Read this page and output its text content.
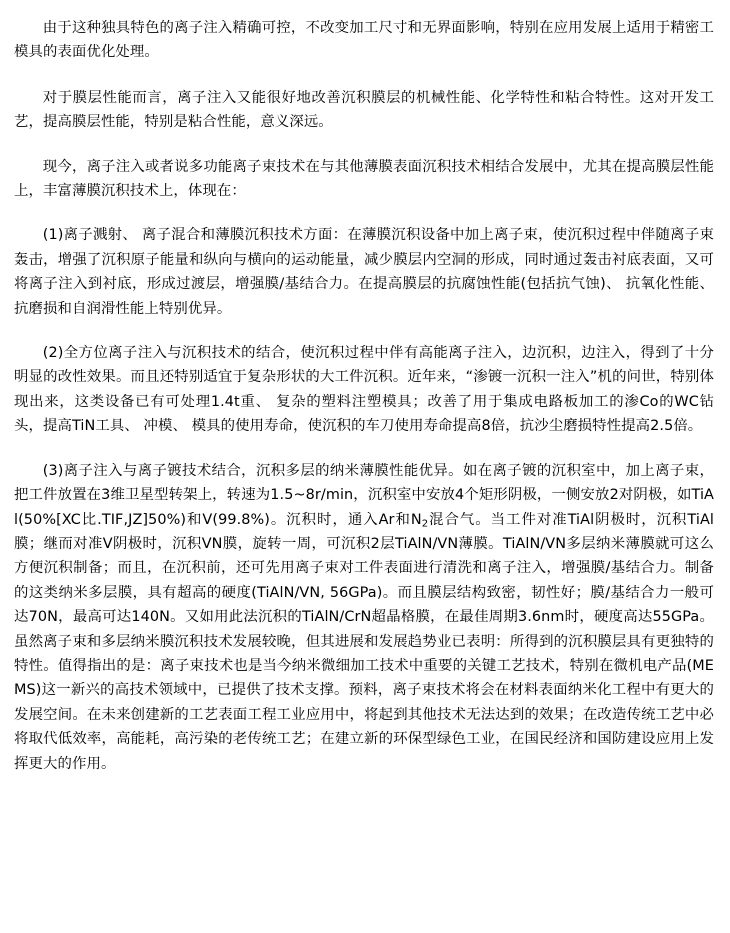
由于这种独具特色的离子注入精确可控，不改变加工尺寸和无界面影响，特别在应用发展上适用于精密工模具的表面优化处理。

对于膜层性能而言，离子注入又能很好地改善沉积膜层的机械性能、化学特性和粘合特性。这对开发工艺，提高膜层性能，特别是粘合性能，意义深远。

现今，离子注入或者说多功能离子束技术在与其他薄膜表面沉积技术相结合发展中，尤其在提高膜层性能上，丰富薄膜沉积技术上，体现在：

(1)离子溅射、 离子混合和薄膜沉积技术方面：在薄膜沉积设备中加上离子束，使沉积过程中伴随离子束轰击，增强了沉积原子能量和纵向与横向的运动能量，减少膜层内空洞的形成，同时通过轰击衬底表面，又可将离子注入到衬底，形成过渡层，增强膜/基结合力。在提高膜层的抗腐蚀性能(包括抗气蚀)、 抗氧化性能、 抗磨损和自润滑性能上特别优异。

(2)全方位离子注入与沉积技术的结合，使沉积过程中伴有高能离子注入，边沉积，边注入，得到了十分明显的改性效果。而且还特别适宜于复杂形状的大工件沉积。近年来，“渗镀一沉积一注入”机的问世，特别体现出来，这类设备已有可处理1.4t重、 复杂的塑料注塑模具；改善了用于集成电路板加工的渗Co的WC钻头，提高TiN工具、 冲模、 模具的使用寿命，使沉积的车刀使用寿命提高8倍，抗沙尘磨损特性提高2.5倍。

(3)离子注入与离子镀技术结合，沉积多层的纳米薄膜性能优异。如在离子镀的沉积室中，加上离子束，把工件放置在3维卫星型转架上，转速为1.5~8r/min，沉积室中安放4个矩形阴极，一侧安放2对阴极，如TiAl(50%[XC比.TIF,JZ]50%)和V(99.8%)。沉积时，通入Ar和$N_2$混合气。当工件对准TiAl阴极时，沉积TiAl膜；继而对准V阴极时，沉积VN膜，旋转一周，可沉积2层TiAlN/VN薄膜。TiAlN/VN多层纳米薄膜就可这么方便沉积制备；而且，在沉积前，还可先用离子束对工件表面进行清洗和离子注入，增强膜/基结合力。制备的这类纳米多层膜，具有超高的硬度(TiAlN/VN, 56GPa)。而且膜层结构致密，韧性好；膜/基结合力一般可达70N，最高可达140N。又如用此法沉积的TiAlN/CrN超晶格膜，在最佳周期3.6nm时，硬度高达55GPa。虽然离子束和多层纳米膜沉积技术发展较晚，但其进展和发展趋势业已表明：所得到的沉积膜层具有更独特的特性。值得指出的是：离子束技术也是当今纳米微细加工技术中重要的关键工艺技术，特别在微机电产品(MEMS)这一新兴的高技术领域中，已提供了技术支撑。预料，离子束技术将会在材料表面纳米化工程中有更大的发展空间。在未来创建新的工艺表面工程工业应用中，将起到其他技术无法达到的效果；在改造传统工艺中必将取代低效率，高能耗，高污染的老传统工艺；在建立新的环保型绿色工业，在国民经济和国防建设应用上发挥更大的作用。
